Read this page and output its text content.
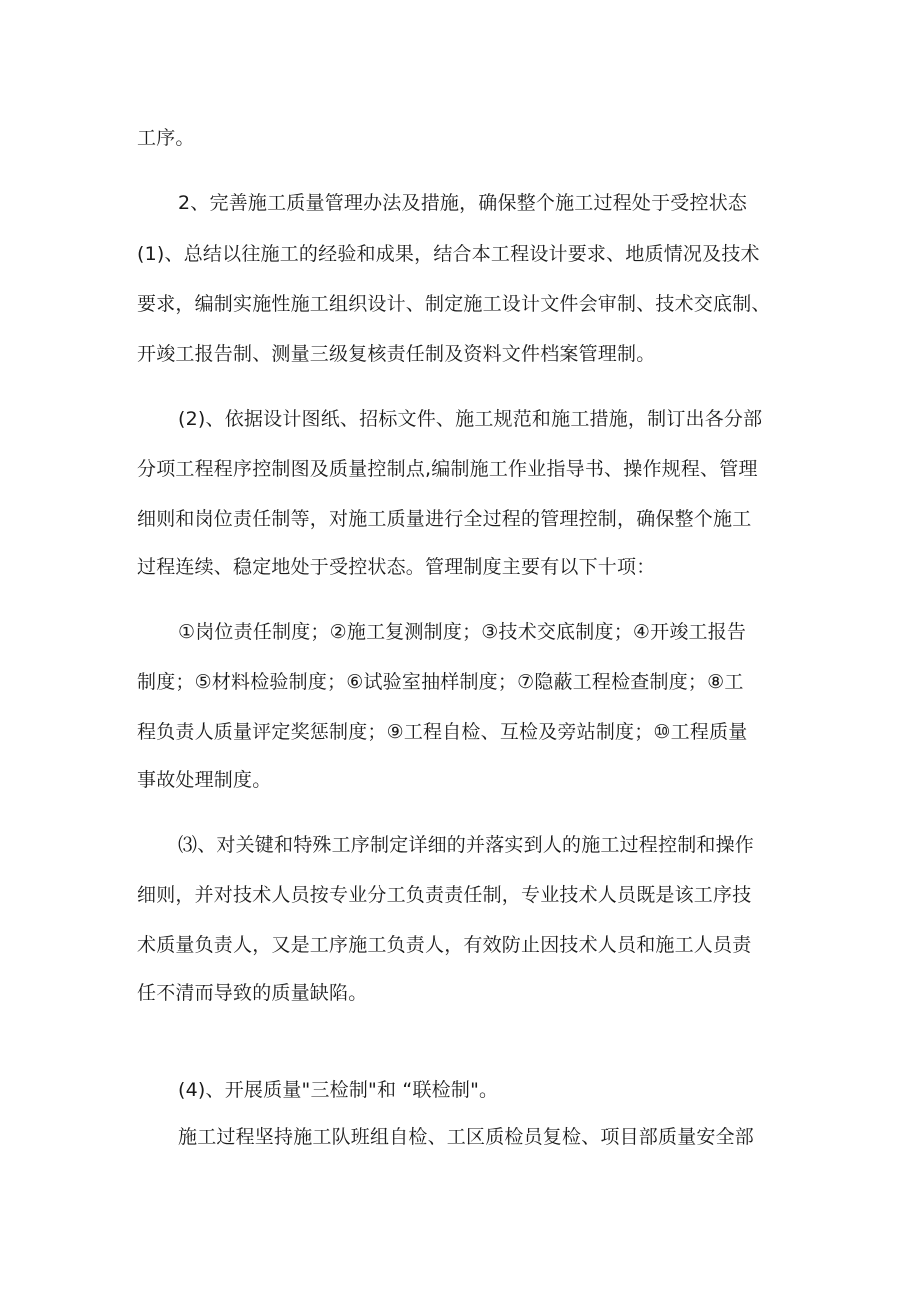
工序。
2、完善施工质量管理办法及措施，确保整个施工过程处于受控状态
(1)、总结以往施工的经验和成果，结合本工程设计要求、地质情况及技术
要求，编制实施性施工组织设计、制定施工设计文件会审制、技术交底制、
开竣工报告制、测量三级复核责任制及资料文件档案管理制。
(2)、依据设计图纸、招标文件、施工规范和施工措施，制订出各分部
分项工程程序控制图及质量控制点,编制施工作业指导书、操作规程、管理
细则和岗位责任制等，对施工质量进行全过程的管理控制，确保整个施工
过程连续、稳定地处于受控状态。管理制度主要有以下十项：
①岗位责任制度；②施工复测制度；③技术交底制度；④开竣工报告
制度；⑤材料检验制度；⑥试验室抽样制度；⑦隐蔽工程检查制度；⑧工
程负责人质量评定奖惩制度；⑨工程自检、互检及旁站制度；⑩工程质量
事故处理制度。
⑶、对关键和特殊工序制定详细的并落实到人的施工过程控制和操作
细则，并对技术人员按专业分工负责责任制，专业技术人员既是该工序技
术质量负责人，又是工序施工负责人，有效防止因技术人员和施工人员责
任不清而导致的质量缺陷。
(4)、开展质量"三检制"和 “联检制"。
施工过程坚持施工队班组自检、工区质检员复检、项目部质量安全部
